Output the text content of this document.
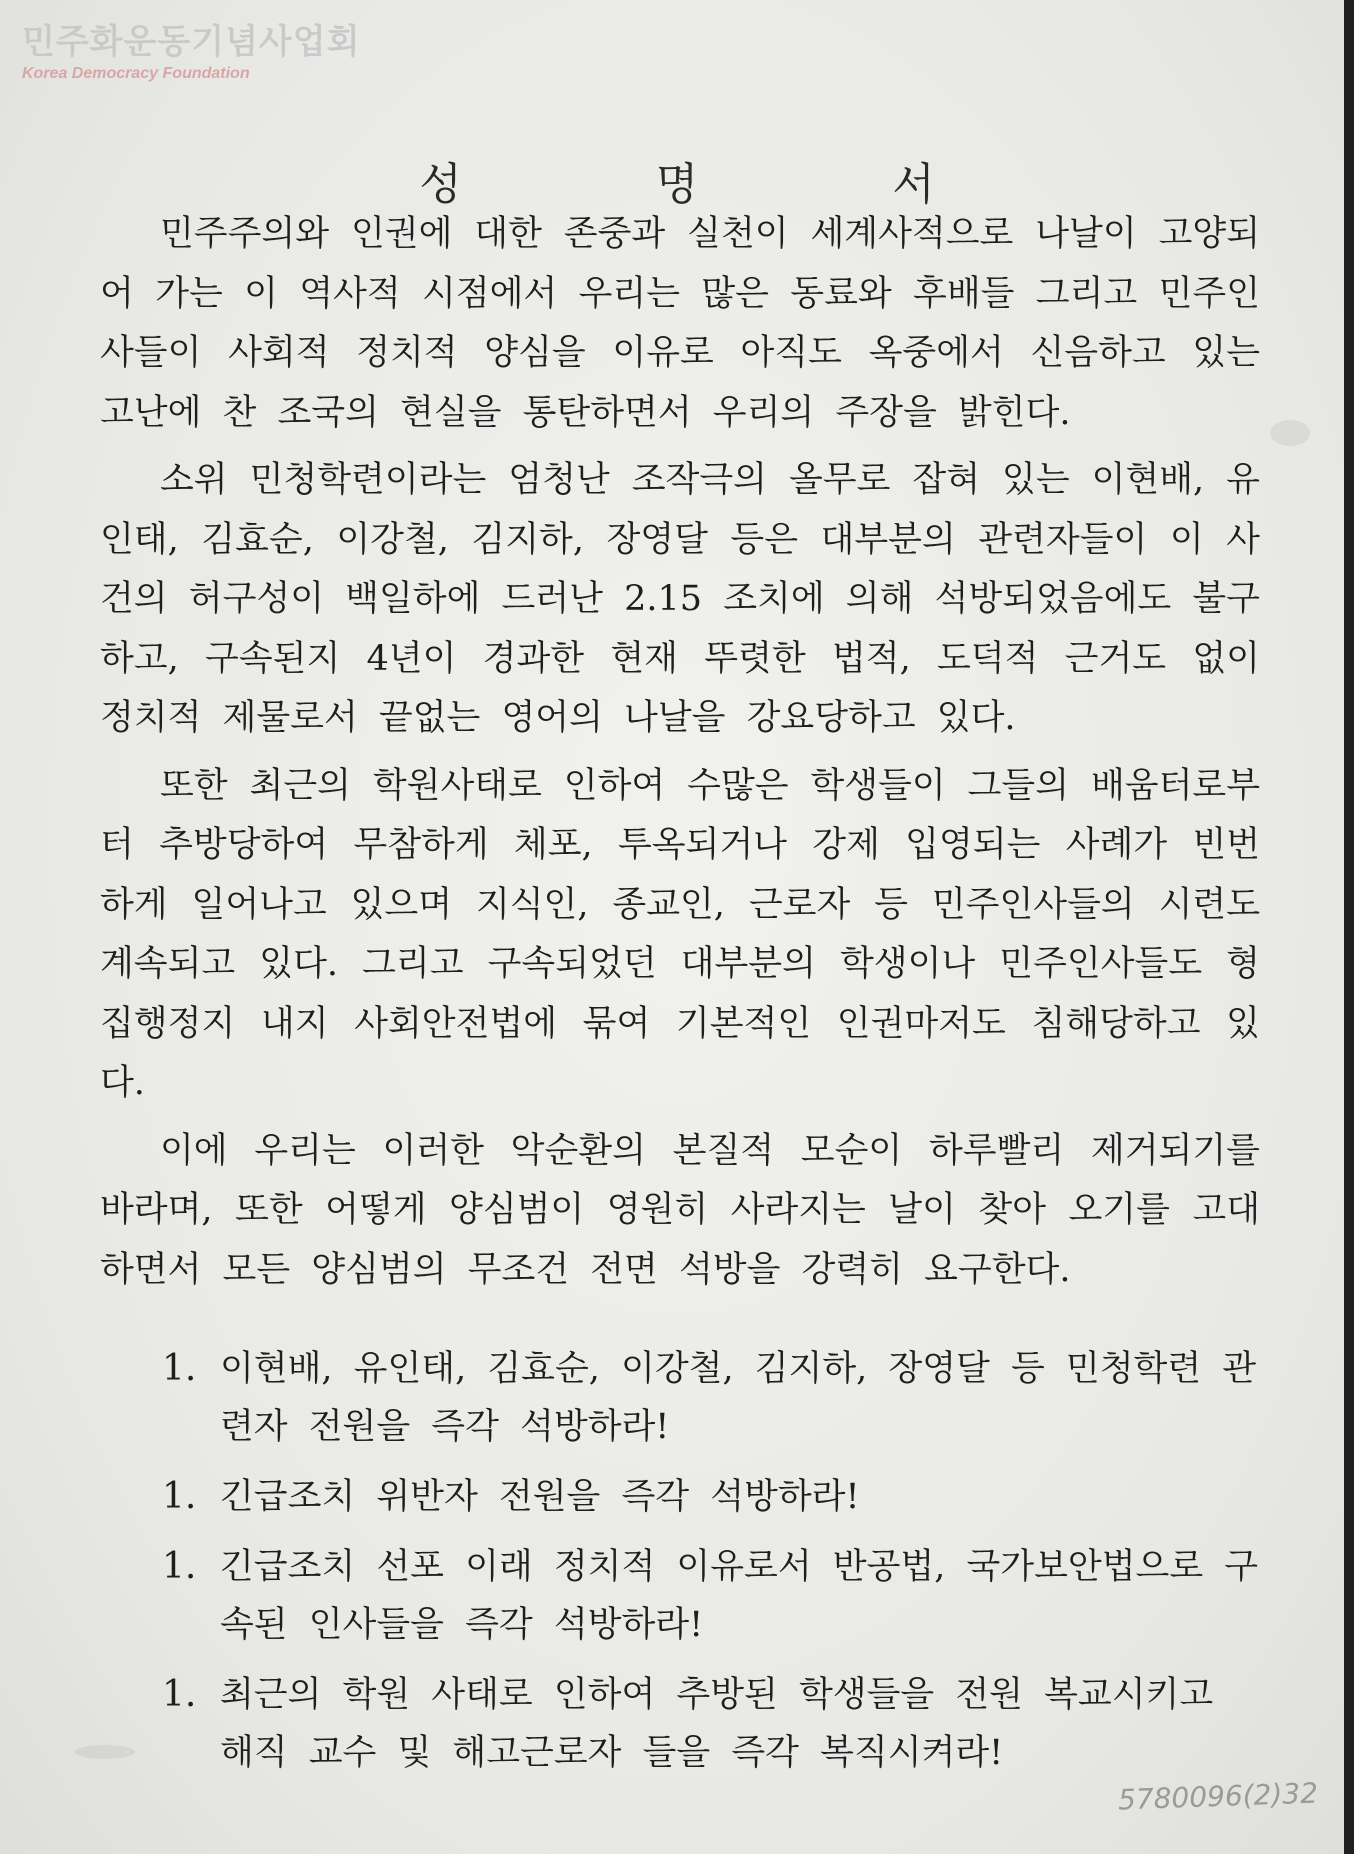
민주화운동기념사업회
Korea Democracy Foundation
성 명 서

민주주의와 인권에 대한 존중과 실천이 세계사적으로 나날이 고양되어 가는 이 역사적 시점에서 우리는 많은 동료와 후배들 그리고 민주인사들이 사회적 정치적 양심을 이유로 아직도 옥중에서 신음하고 있는 고난에 찬 조국의 현실을 통탄하면서 우리의 주장을 밝힌다.

소위 민청학련이라는 엄청난 조작극의 올무로 잡혀 있는 이현배, 유인태, 김효순, 이강철, 김지하, 장영달 등은 대부분의 관련자들이 이 사건의 허구성이 백일하에 드러난 2.15 조치에 의해 석방되었음에도 불구하고, 구속된지 4년이 경과한 현재 뚜렷한 법적, 도덕적 근거도 없이 정치적 제물로서 끝없는 영어의 나날을 강요당하고 있다.

또한 최근의 학원사태로 인하여 수많은 학생들이 그들의 배움터로부터 추방당하여 무참하게 체포, 투옥되거나 강제 입영되는 사례가 빈번하게 일어나고 있으며 지식인, 종교인, 근로자 등 민주인사들의 시련도 계속되고 있다. 그리고 구속되었던 대부분의 학생이나 민주인사들도 형집행정지 내지 사회안전법에 묶여 기본적인 인권마저도 침해당하고 있다.

이에 우리는 이러한 악순환의 본질적 모순이 하루빨리 제거되기를 바라며, 또한 어떻게 양심범이 영원히 사라지는 날이 찾아 오기를 고대하면서 모든 양심범의 무조건 전면 석방을 강력히 요구한다.

1. 이현배, 유인태, 김효순, 이강철, 김지하, 장영달 등 민청학련 관련자 전원을 즉각 석방하라!
1. 긴급조치 위반자 전원을 즉각 석방하라!
1. 긴급조치 선포 이래 정치적 이유로서 반공법, 국가보안법으로 구속된 인사들을 즉각 석방하라!
1. 최근의 학원 사태로 인하여 추방된 학생들을 전원 복교시키고 해직 교수 및 해고근로자 들을 즉각 복직시켜라!
5780096(2)32
